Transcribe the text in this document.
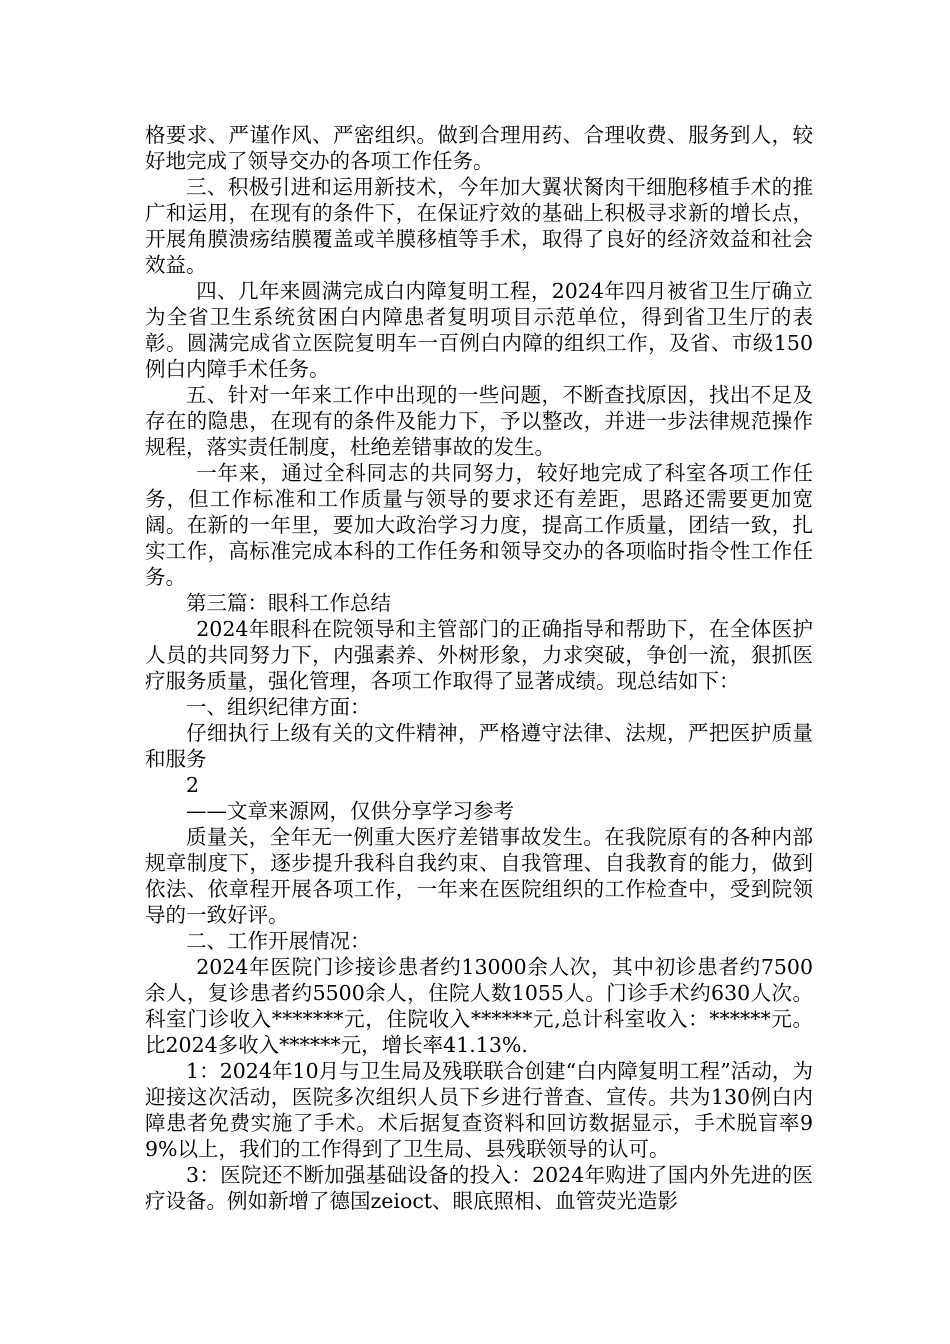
格要求、严谨作风、严密组织。做到合理用药、合理收费、服务到人，较好地完成了领导交办的各项工作任务。

三、积极引进和运用新技术，今年加大翼状胬肉干细胞移植手术的推广和运用，在现有的条件下，在保证疗效的基础上积极寻求新的增长点，开展角膜溃疡结膜覆盖或羊膜移植等手术，取得了良好的经济效益和社会效益。

四、几年来圆满完成白内障复明工程，2024年四月被省卫生厅确立为全省卫生系统贫困白内障患者复明项目示范单位，得到省卫生厅的表彰。圆满完成省立医院复明车一百例白内障的组织工作，及省、市级150例白内障手术任务。

五、针对一年来工作中出现的一些问题，不断查找原因，找出不足及存在的隐患，在现有的条件及能力下，予以整改，并进一步法律规范操作规程，落实责任制度，杜绝差错事故的发生。

一年来，通过全科同志的共同努力，较好地完成了科室各项工作任务，但工作标准和工作质量与领导的要求还有差距，思路还需要更加宽阔。在新的一年里，要加大政治学习力度，提高工作质量，团结一致，扎实工作，高标准完成本科的工作任务和领导交办的各项临时指令性工作任务。

第三篇：眼科工作总结

2024年眼科在院领导和主管部门的正确指导和帮助下，在全体医护人员的共同努力下，内强素养、外树形象，力求突破，争创一流，狠抓医疗服务质量，强化管理，各项工作取得了显著成绩。现总结如下：

一、组织纪律方面：

仔细执行上级有关的文件精神，严格遵守法律、法规，严把医护质量和服务

2

——文章来源网，仅供分享学习参考

质量关，全年无一例重大医疗差错事故发生。在我院原有的各种内部规章制度下，逐步提升我科自我约束、自我管理、自我教育的能力，做到依法、依章程开展各项工作，一年来在医院组织的工作检查中，受到院领导的一致好评。

二、工作开展情况：

2024年医院门诊接诊患者约13000余人次，其中初诊患者约7500余人，复诊患者约5500余人，住院人数1055人。门诊手术约630人次。科室门诊收入*******元，住院收入******元,总计科室收入：******元。比2024多收入******元，增长率41.13%.

1：2024年10月与卫生局及残联联合创建“白内障复明工程”活动，为迎接这次活动，医院多次组织人员下乡进行普查、宣传。共为130例白内障患者免费实施了手术。术后据复查资料和回访数据显示，手术脱盲率99%以上，我们的工作得到了卫生局、县残联领导的认可。

3：医院还不断加强基础设备的投入：2024年购进了国内外先进的医疗设备。例如新增了德国zeioct、眼底照相、血管荧光造影
